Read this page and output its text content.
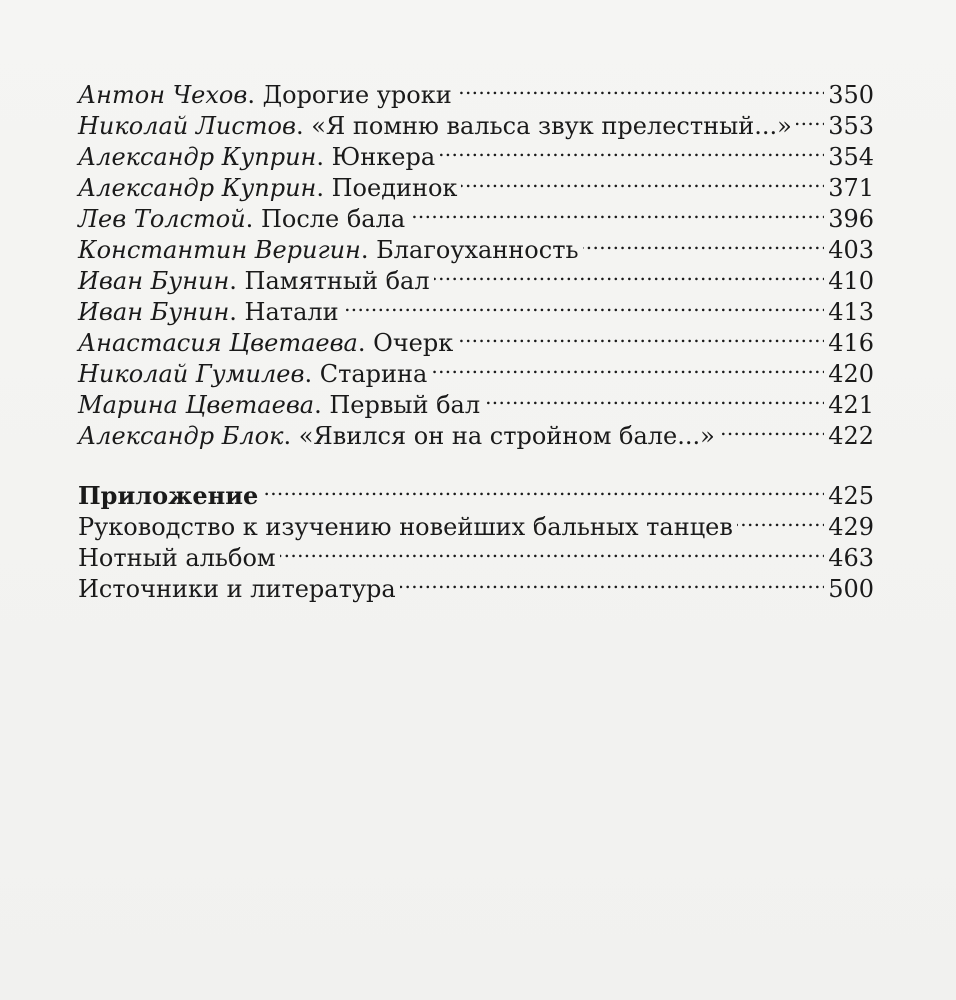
Антон Чехов . Дорогие уроки . . .	350
Николай Листов . «Я помню вальса звук прелестный...» . . . 353
Александр Куприн . Юнкера . . .	354
Александр Куприн . Поединок . . .	371
Лев Толстой . После бала . . .	396
Константин Веригин . Благоуханность . . .	403
Иван Бунин . Памятный бал . . .	410
Иван Бунин . Натали . . .	413
Анастасия Цветаева . Очерк . . .	416
Николай Гумилев . Старина . . .	420
Марина Цветаева . Первый бал . . .	421
Александр Блок . «Явился он на стройном бале...» . . .	422
Приложение . . .	425
Руководство к изучению новейших бальных танцев . . .	429
Нотный альбом . . .	463
Источники и литература . . .	500
